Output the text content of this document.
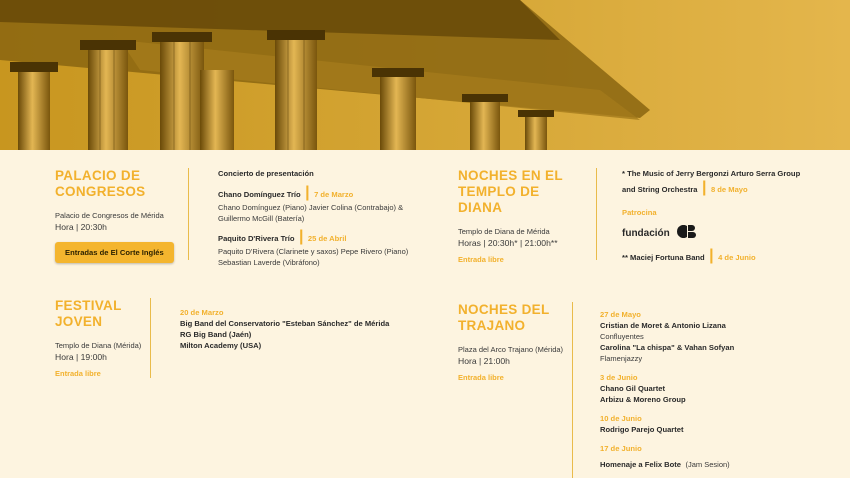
PALACIO DE
CONGRESOS
Palacio de Congresos de Mérida
Hora | 20:30h
Entradas de El Corte Inglés
Concierto de presentación
Chano Domínguez Trío | 7 de Marzo
Chano Domínguez (Piano) Javier Colina (Contrabajo) &
Guillermo McGill (Batería)
Paquito D'Rivera Trío | 25 de Abril
Paquito D'Rivera (Clarinete y saxos) Pepe Rivero (Piano)
Sebastian Laverde (Vibráfono)
NOCHES EN EL
TEMPLO DE
DIANA
Templo de Diana de Mérida
Horas | 20:30h* | 21:00h**
Entrada libre
* The Music of Jerry Bergonzi Arturo Serra Group
and String Orchestra | 8 de Mayo
Patrocina
fundación
** Maciej Fortuna Band | 4 de Junio
FESTIVAL
JOVEN
Templo de Diana (Mérida)
Hora | 19:00h
Entrada libre
20 de Marzo
Big Band del Conservatorio "Esteban Sánchez" de Mérida
RG Big Band (Jaén)
Milton Academy (USA)
NOCHES DEL
TRAJANO
Plaza del Arco Trajano (Mérida)
Hora | 21:00h
Entrada libre
27 de Mayo
Cristian de Moret & Antonio Lizana
Confluyentes
Carolina "La chispa" & Vahan Sofyan
Flamenjazzy
3 de Junio
Chano Gil Quartet
Arbizu & Moreno Group
10 de Junio
Rodrigo Parejo Quartet
17 de Junio
Homenaje a Felix Bote (Jam Sesion)
